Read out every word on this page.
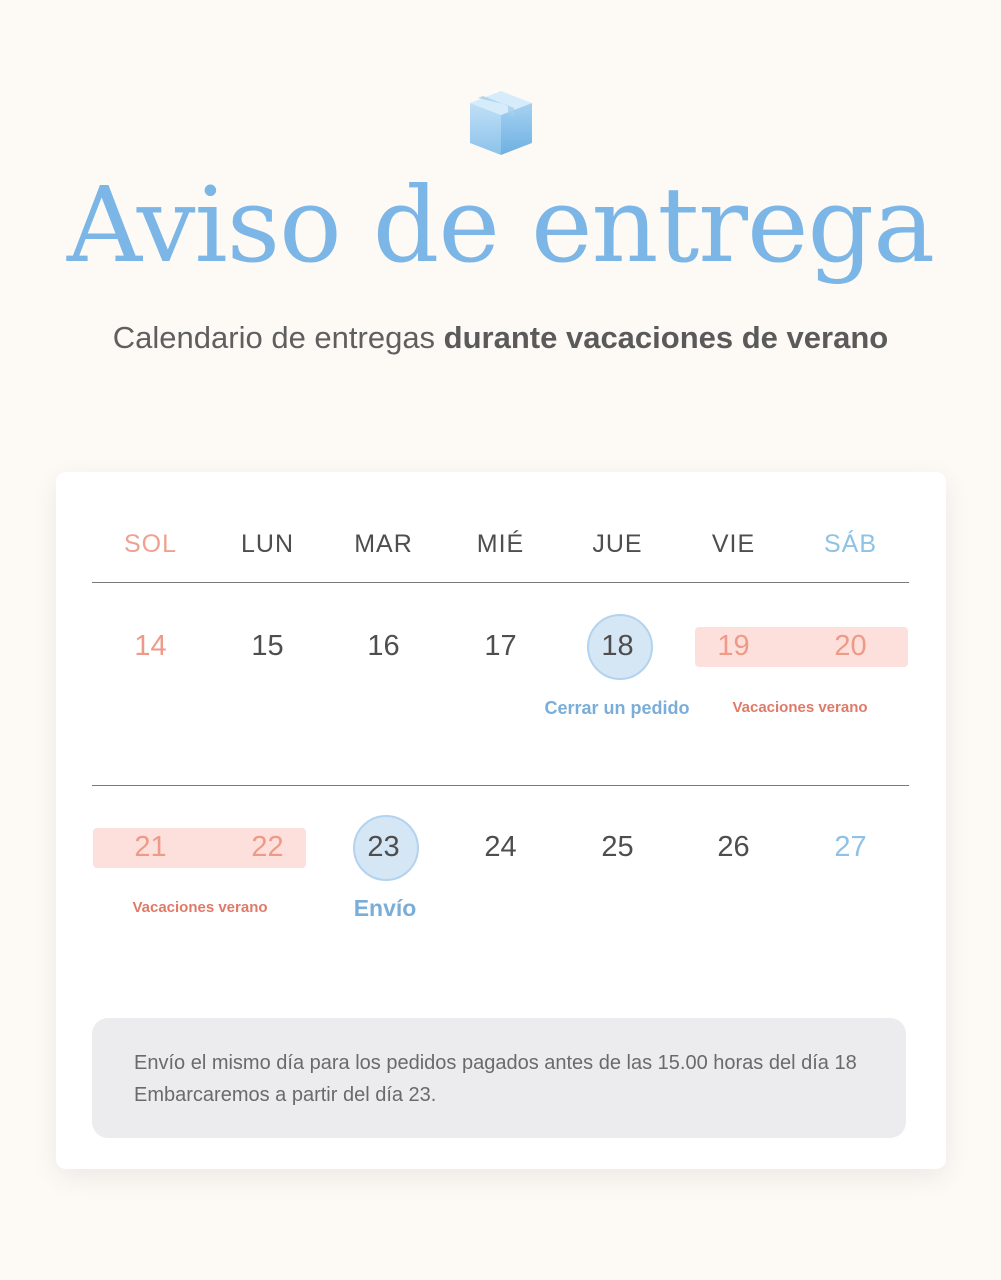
Aviso de entrega
Calendario de entregas durante vacaciones de verano
SOL	LUN	MAR	MIÉ	JUE	VIE	SÁB
14	15	16	17	18	19	20
Cerrar un pedido	Vacaciones verano
21	22	23	24	25	26	27
Vacaciones verano	Envío
Envío el mismo día para los pedidos pagados antes de las 15.00 horas del día 18
Embarcaremos a partir del día 23.
